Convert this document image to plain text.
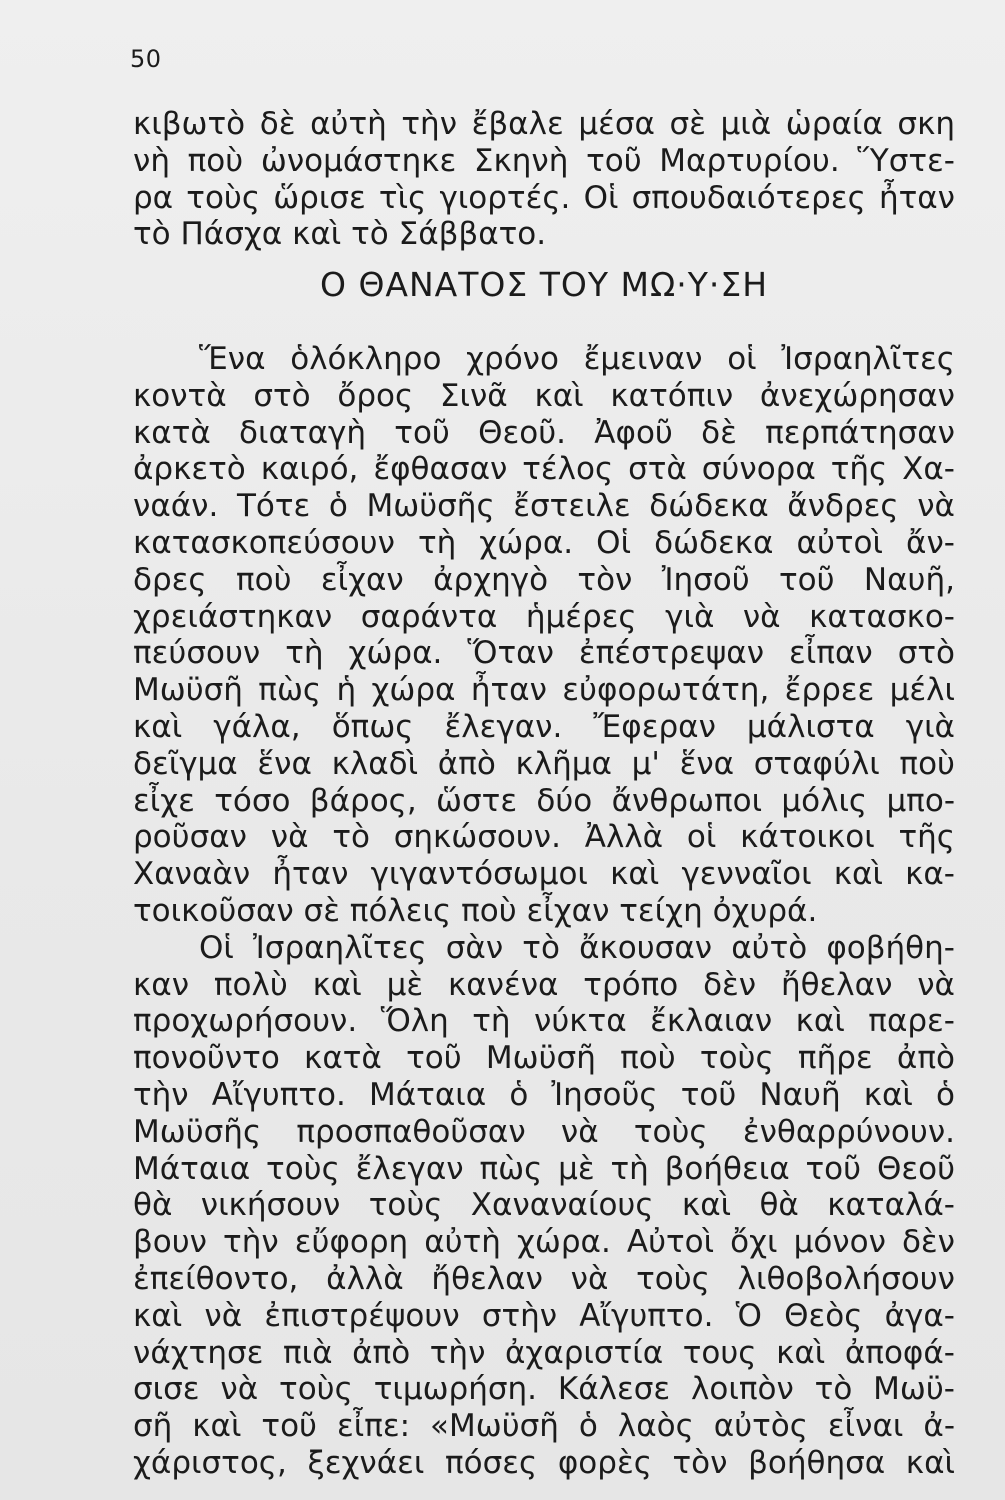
50
κιβωτὸ δὲ αὐτὴ τὴν ἔβαλε μέσα σὲ μιὰ ὡραία σκη
νὴ ποὺ ὠνομάστηκε Σκηνὴ τοῦ Μαρτυρίου. Ὕστε-
ρα τοὺς ὥρισε τὶς γιορτές. Οἱ σπουδαιότερες ἦταν
τὸ Πάσχα καὶ τὸ Σάββατο.
Ο ΘΑΝΑΤΟΣ ΤΟΥ ΜΩ·Υ·ΣΗ
Ἕνα ὁλόκληρο χρόνο ἔμειναν οἱ Ἰσραηλῖτες
κοντὰ στὸ ὄρος Σινᾶ καὶ κατόπιν ἀνεχώρησαν
κατὰ διαταγὴ τοῦ Θεοῦ. Ἀφοῦ δὲ περπάτησαν
ἀρκετὸ καιρό, ἔφθασαν τέλος στὰ σύνορα τῆς Χα-
ναάν. Τότε ὁ Μωϋσῆς ἔστειλε δώδεκα ἄνδρες νὰ
κατασκοπεύσουν τὴ χώρα. Οἱ δώδεκα αὐτοὶ ἄν-
δρες ποὺ εἶχαν ἀρχηγὸ τὸν Ἰησοῦ τοῦ Ναυῆ,
χρειάστηκαν σαράντα ἡμέρες γιὰ νὰ κατασκο-
πεύσουν τὴ χώρα. Ὅταν ἐπέστρεψαν εἶπαν στὸ
Μωϋσῆ πὼς ἡ χώρα ἦταν εὐφορωτάτη, ἔρρεε μέλι
καὶ γάλα, ὅπως ἔλεγαν. Ἔφεραν μάλιστα γιὰ
δεῖγμα ἕνα κλαδὶ ἀπὸ κλῆμα μ' ἕνα σταφύλι ποὺ
εἶχε τόσο βάρος, ὥστε δύο ἄνθρωποι μόλις μπο-
ροῦσαν νὰ τὸ σηκώσουν. Ἀλλὰ οἱ κάτοικοι τῆς
Χαναὰν ἦταν γιγαντόσωμοι καὶ γενναῖοι καὶ κα-
τοικοῦσαν σὲ πόλεις ποὺ εἶχαν τείχη ὀχυρά.
Οἱ Ἰσραηλῖτες σὰν τὸ ἄκουσαν αὐτὸ φοβήθη-
καν πολὺ καὶ μὲ κανένα τρόπο δὲν ἤθελαν νὰ
προχωρήσουν. Ὅλη τὴ νύκτα ἔκλαιαν καὶ παρε-
πονοῦντο κατὰ τοῦ Μωϋσῆ ποὺ τοὺς πῆρε ἀπὸ
τὴν Αἴγυπτο. Μάταια ὁ Ἰησοῦς τοῦ Ναυῆ καὶ ὁ
Μωϋσῆς προσπαθοῦσαν νὰ τοὺς ἐνθαρρύνουν.
Μάταια τοὺς ἔλεγαν πὼς μὲ τὴ βοήθεια τοῦ Θεοῦ
θὰ νικήσουν τοὺς Χαναναίους καὶ θὰ καταλά-
βουν τὴν εὔφορη αὐτὴ χώρα. Αὐτοὶ ὄχι μόνον δὲν
ἐπείθοντο, ἀλλὰ ἤθελαν νὰ τοὺς λιθοβολήσουν
καὶ νὰ ἐπιστρέψουν στὴν Αἴγυπτο. Ὁ Θεὸς ἀγα-
νάχτησε πιὰ ἀπὸ τὴν ἀχαριστία τους καὶ ἀποφά-
σισε νὰ τοὺς τιμωρήση. Κάλεσε λοιπὸν τὸ Μωϋ-
σῆ καὶ τοῦ εἶπε: «Μωϋσῆ ὁ λαὸς αὐτὸς εἶναι ἀ-
χάριστος, ξεχνάει πόσες φορὲς τὸν βοήθησα καὶ
